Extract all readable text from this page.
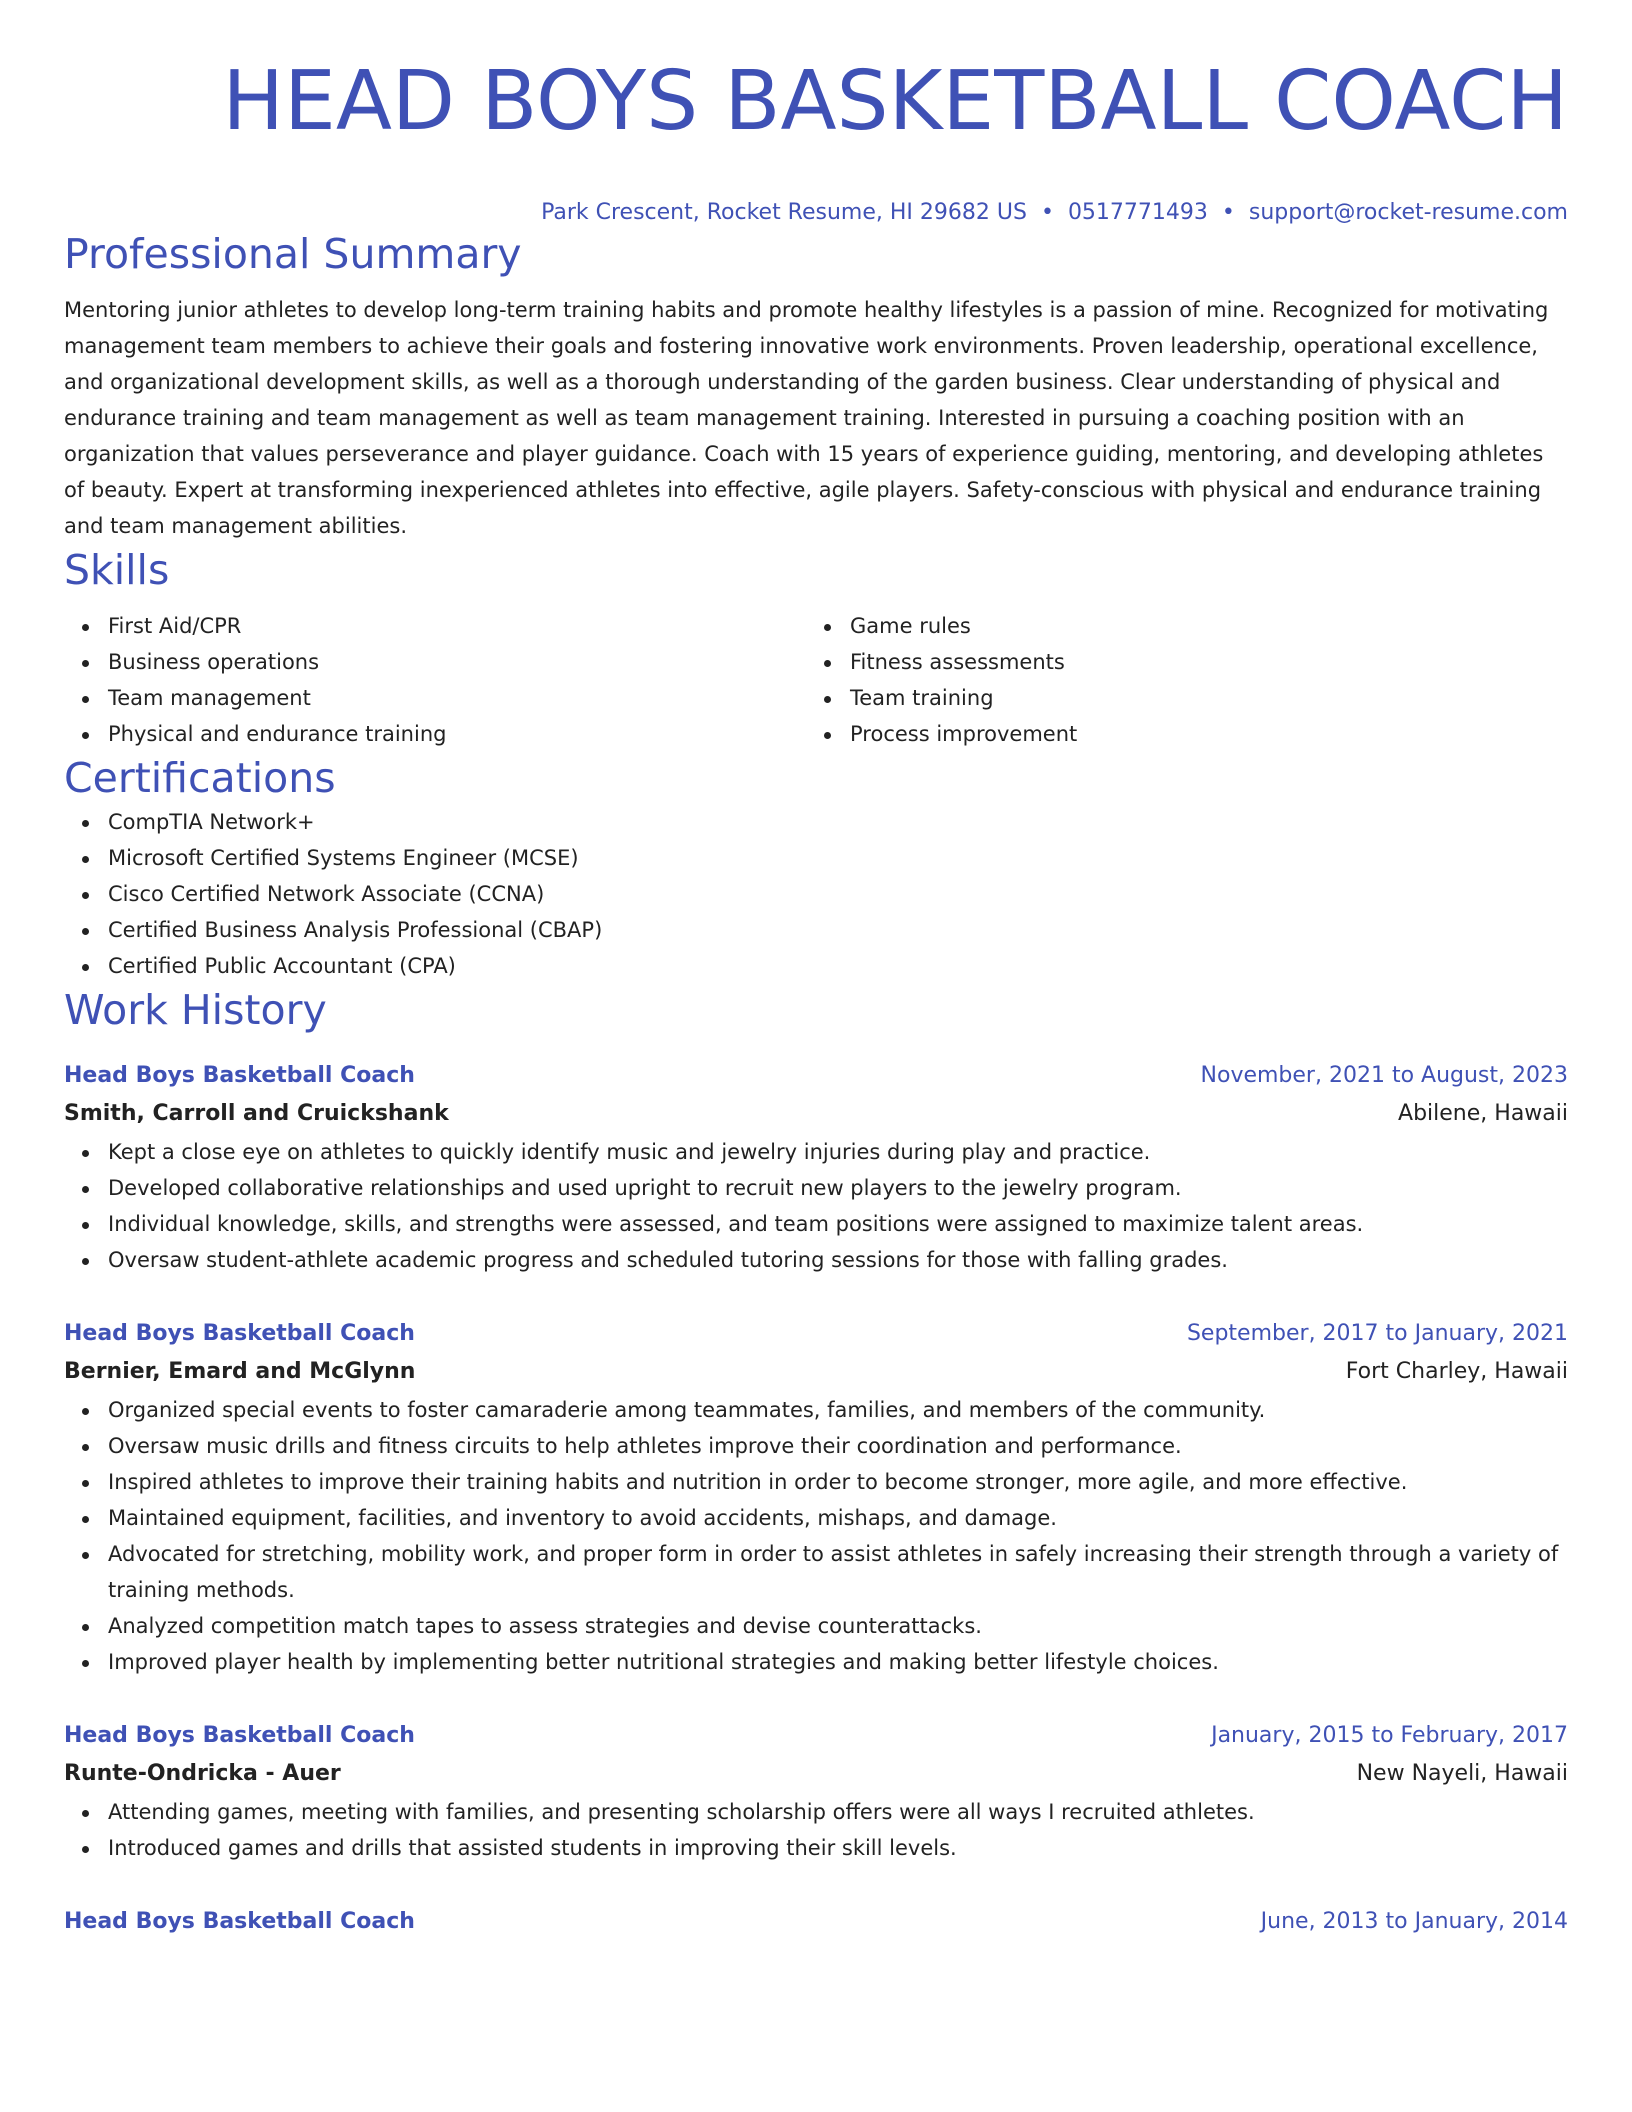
HEAD BOYS BASKETBALL COACH
Park Crescent, Rocket Resume, HI 29682 US • 0517771493 • support@rocket-resume.com
Professional Summary
Mentoring junior athletes to develop long-term training habits and promote healthy lifestyles is a passion of mine. Recognized for motivating management team members to achieve their goals and fostering innovative work environments. Proven leadership, operational excellence, and organizational development skills, as well as a thorough understanding of the garden business. Clear understanding of physical and endurance training and team management as well as team management training. Interested in pursuing a coaching position with an organization that values perseverance and player guidance. Coach with 15 years of experience guiding, mentoring, and developing athletes of beauty. Expert at transforming inexperienced athletes into effective, agile players. Safety-conscious with physical and endurance training and team management abilities.
Skills
First Aid/CPR
Business operations
Team management
Physical and endurance training
Game rules
Fitness assessments
Team training
Process improvement
Certifications
CompTIA Network+
Microsoft Certified Systems Engineer (MCSE)
Cisco Certified Network Associate (CCNA)
Certified Business Analysis Professional (CBAP)
Certified Public Accountant (CPA)
Work History
Head Boys Basketball Coach	November, 2021 to August, 2023
Smith, Carroll and Cruickshank	Abilene, Hawaii
Kept a close eye on athletes to quickly identify music and jewelry injuries during play and practice.
Developed collaborative relationships and used upright to recruit new players to the jewelry program.
Individual knowledge, skills, and strengths were assessed, and team positions were assigned to maximize talent areas.
Oversaw student-athlete academic progress and scheduled tutoring sessions for those with falling grades.
Head Boys Basketball Coach	September, 2017 to January, 2021
Bernier, Emard and McGlynn	Fort Charley, Hawaii
Organized special events to foster camaraderie among teammates, families, and members of the community.
Oversaw music drills and fitness circuits to help athletes improve their coordination and performance.
Inspired athletes to improve their training habits and nutrition in order to become stronger, more agile, and more effective.
Maintained equipment, facilities, and inventory to avoid accidents, mishaps, and damage.
Advocated for stretching, mobility work, and proper form in order to assist athletes in safely increasing their strength through a variety of training methods.
Analyzed competition match tapes to assess strategies and devise counterattacks.
Improved player health by implementing better nutritional strategies and making better lifestyle choices.
Head Boys Basketball Coach	January, 2015 to February, 2017
Runte-Ondricka - Auer	New Nayeli, Hawaii
Attending games, meeting with families, and presenting scholarship offers were all ways I recruited athletes.
Introduced games and drills that assisted students in improving their skill levels.
Head Boys Basketball Coach	June, 2013 to January, 2014
